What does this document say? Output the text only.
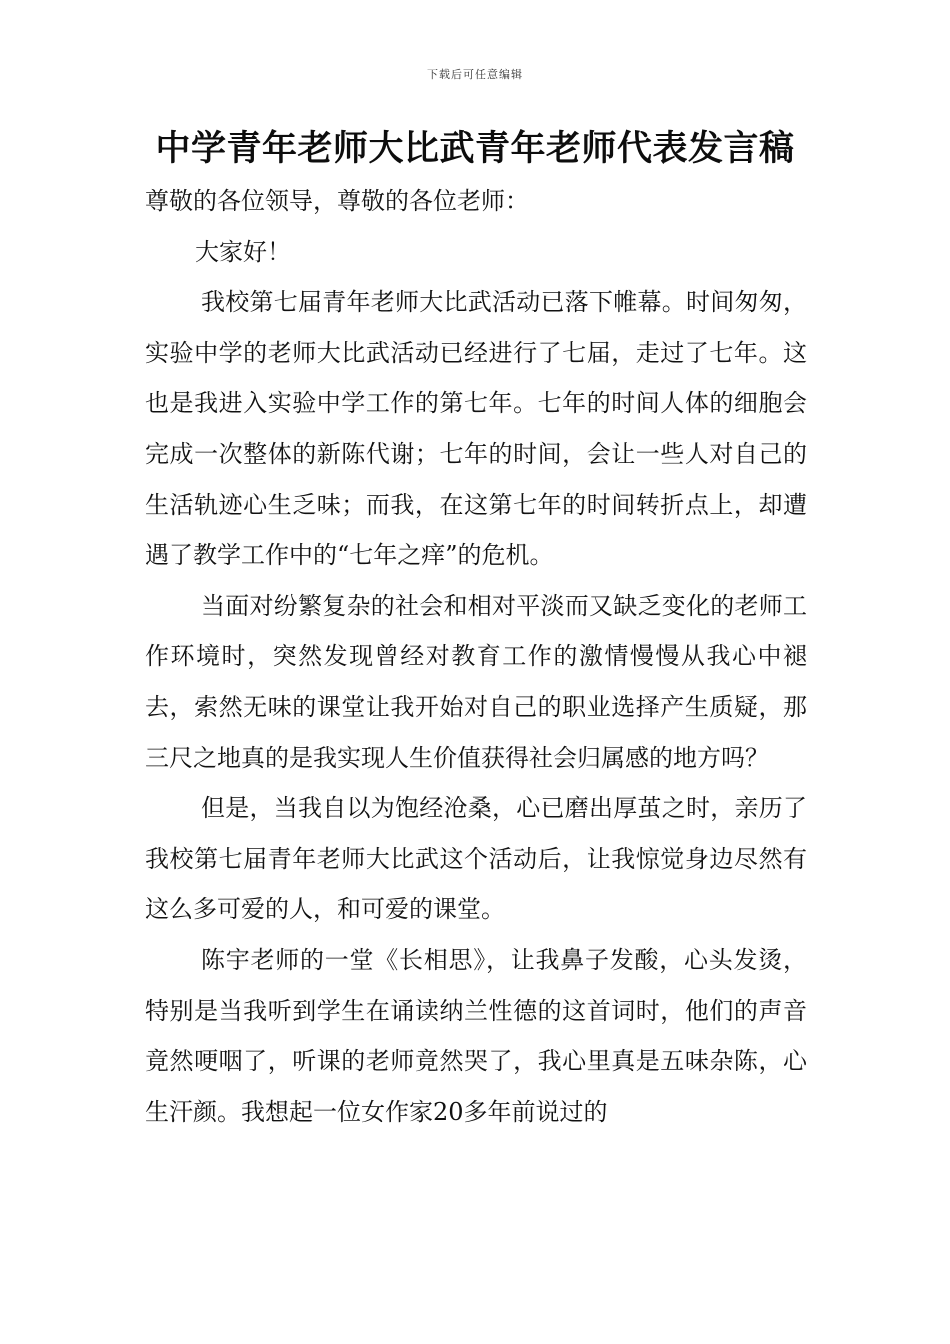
下载后可任意编辑
中学青年老师大比武青年老师代表发言稿

尊敬的各位领导，尊敬的各位老师：

大家好！

我校第七届青年老师大比武活动已落下帷幕。时间匆匆，实验中学的老师大比武活动已经进行了七届，走过了七年。这也是我进入实验中学工作的第七年。七年的时间人体的细胞会完成一次整体的新陈代谢；七年的时间，会让一些人对自己的生活轨迹心生乏味；而我，在这第七年的时间转折点上，却遭遇了教学工作中的“七年之痒”的危机。

当面对纷繁复杂的社会和相对平淡而又缺乏变化的老师工作环境时，突然发现曾经对教育工作的激情慢慢从我心中褪去，索然无味的课堂让我开始对自己的职业选择产生质疑，那三尺之地真的是我实现人生价值获得社会归属感的地方吗？

但是，当我自以为饱经沧桑，心已磨出厚茧之时，亲历了我校第七届青年老师大比武这个活动后，让我惊觉身边尽然有这么多可爱的人，和可爱的课堂。

陈宇老师的一堂《长相思》，让我鼻子发酸，心头发烫，特别是当我听到学生在诵读纳兰性德的这首词时，他们的声音竟然哽咽了，听课的老师竟然哭了，我心里真是五味杂陈，心生汗颜。我想起一位女作家20多年前说过的
